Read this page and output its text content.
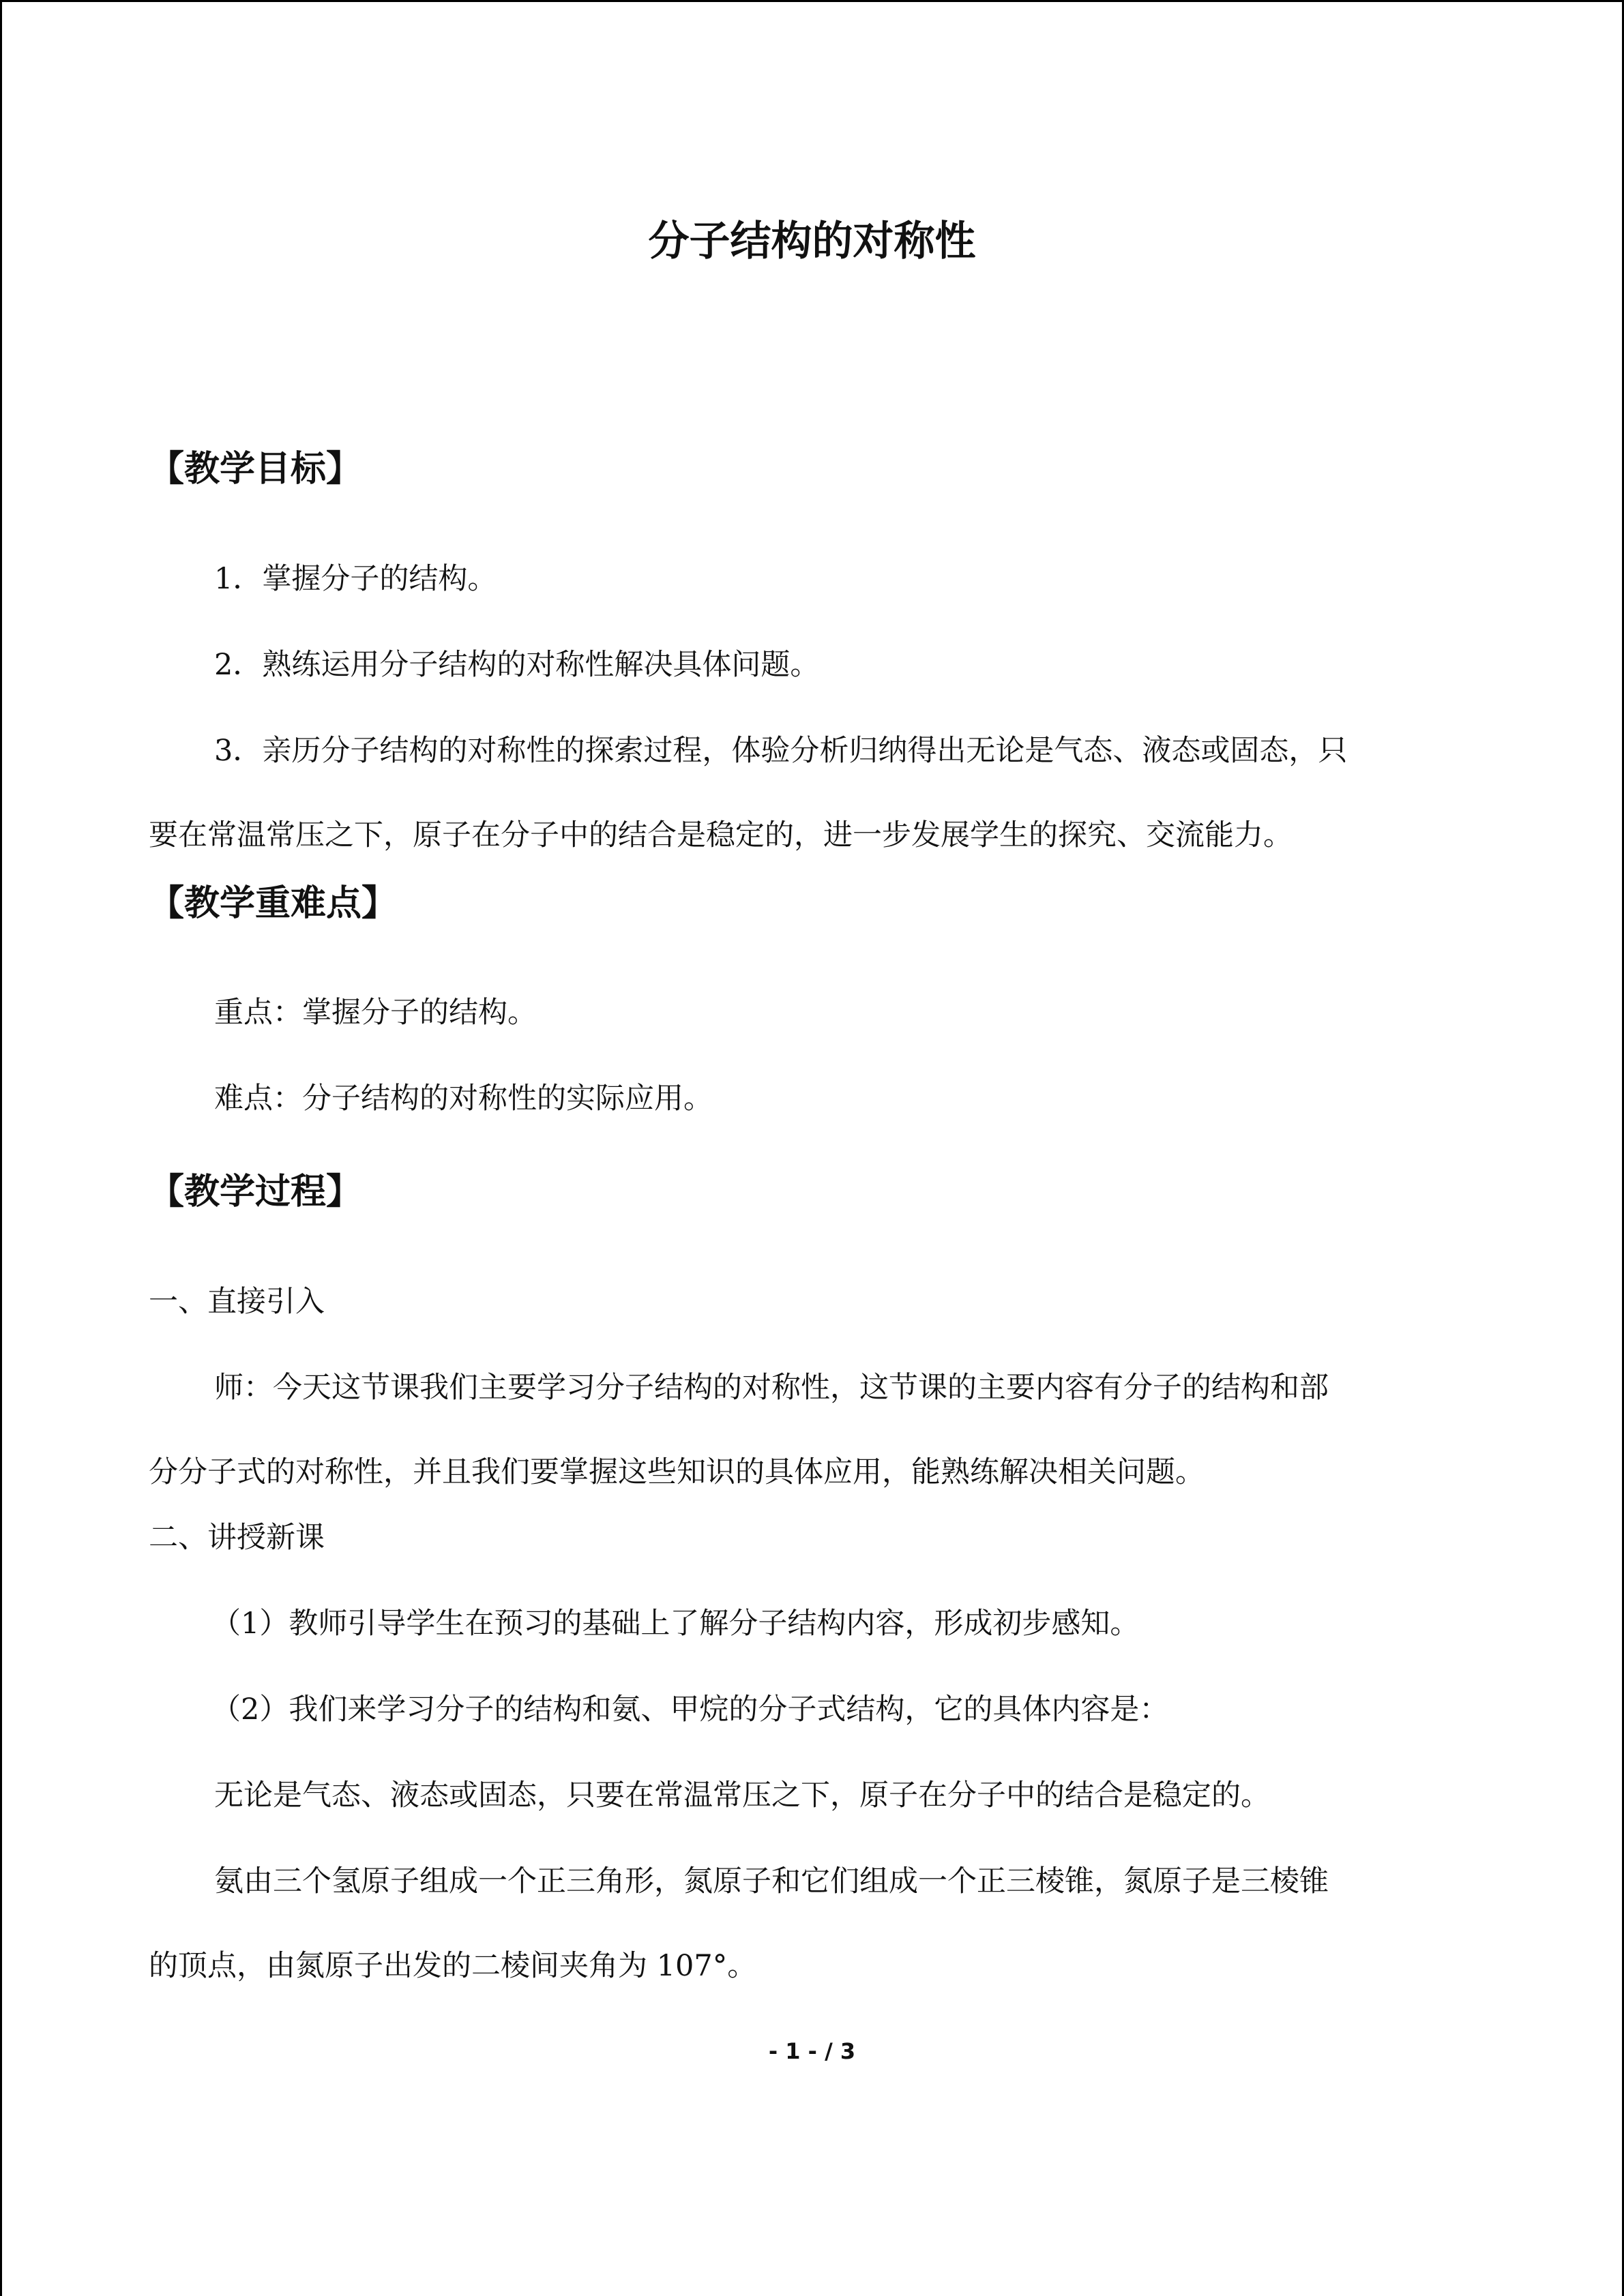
分子结构的对称性
【教学目标】

1．掌握分子的结构。

2．熟练运用分子结构的对称性解决具体问题。

3．亲历分子结构的对称性的探索过程，体验分析归纳得出无论是气态、液态或固态，只
要在常温常压之下，原子在分子中的结合是稳定的，进一步发展学生的探究、交流能力。

【教学重难点】

重点：掌握分子的结构。

难点：分子结构的对称性的实际应用。

【教学过程】

一、直接引入

师：今天这节课我们主要学习分子结构的对称性，这节课的主要内容有分子的结构和部
分分子式的对称性，并且我们要掌握这些知识的具体应用，能熟练解决相关问题。

二、讲授新课

（1）教师引导学生在预习的基础上了解分子结构内容，形成初步感知。

（2）我们来学习分子的结构和氨、甲烷的分子式结构，它的具体内容是：

无论是气态、液态或固态，只要在常温常压之下，原子在分子中的结合是稳定的。

氨由三个氢原子组成一个正三角形，氮原子和它们组成一个正三棱锥，氮原子是三棱锥
的顶点，由氮原子出发的二棱间夹角为 107°。

- 1 - / 3
